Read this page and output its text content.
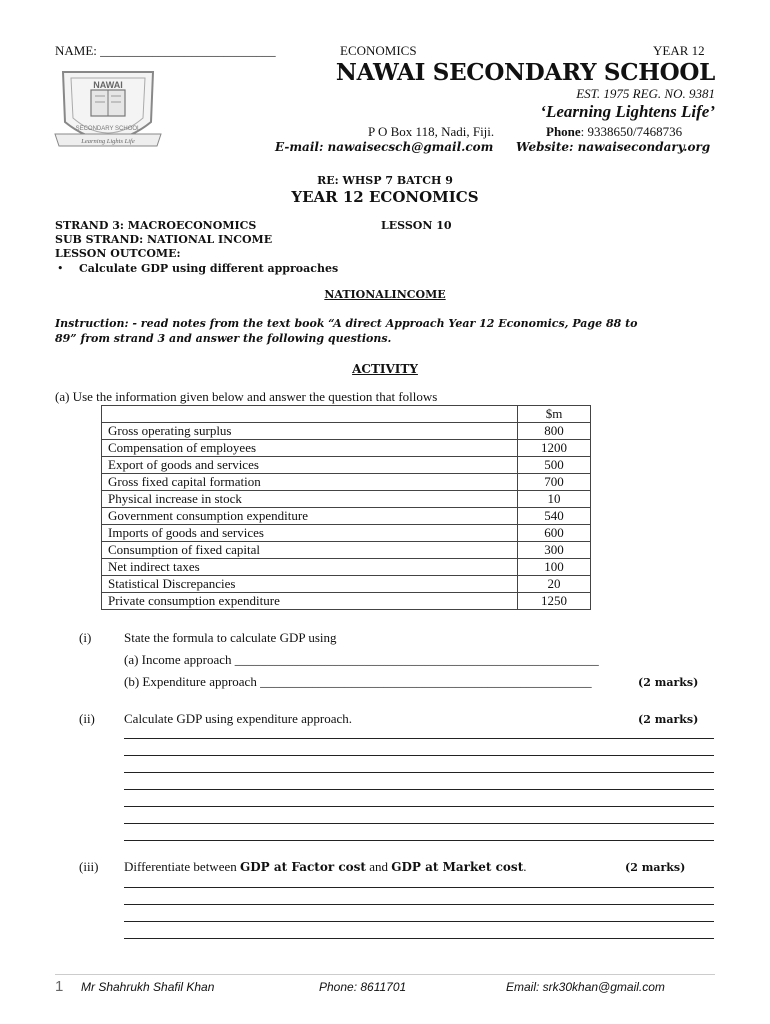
NAME: ___________________________	ECONOMICS	YEAR 12
NAWAI
SECONDARY SCHOOL
Learning Lights Life
NAWAI SECONDARY SCHOOL
EST. 1975 REG. NO. 9381
‘Learning Lightens Life’
P O Box 118, Nadi, Fiji.	Phone: 9338650/7468736
E-mail: nawaisecsch@gmail.com Website: nawaisecondary.org
RE: WHSP 7 BATCH 9
YEAR 12 ECONOMICS
STRAND 3: MACROECONOMICS	LESSON 10
SUB STRAND: NATIONAL INCOME
LESSON OUTCOME:
• Calculate GDP using different approaches
NATIONALINCOME
Instruction: - read notes from the text book “A direct Approach Year 12 Economics, Page 88 to
89” from strand 3 and answer the following questions.
ACTIVITY
(a) Use the information given below and answer the question that follows
	$m
Gross operating surplus	800
Compensation of employees	1200
Export of goods and services	500
Gross fixed capital formation	700
Physical increase in stock	10
Government consumption expenditure	540
Imports of goods and services	600
Consumption of fixed capital	300
Net indirect taxes	100
Statistical Discrepancies	20
Private consumption expenditure	1250
(i)	State the formula to calculate GDP using
(a) Income approach ________________________________________________________
(b) Expenditure approach ___________________________________________________	(2 marks)
(ii) Calculate GDP using expenditure approach.	(2 marks)
(iii) Differentiate between GDP at Factor cost and GDP at Market cost.	(2 marks)
1 Mr Shahrukh Shafil Khan	Phone: 8611701	Email: srk30khan@gmail.com
